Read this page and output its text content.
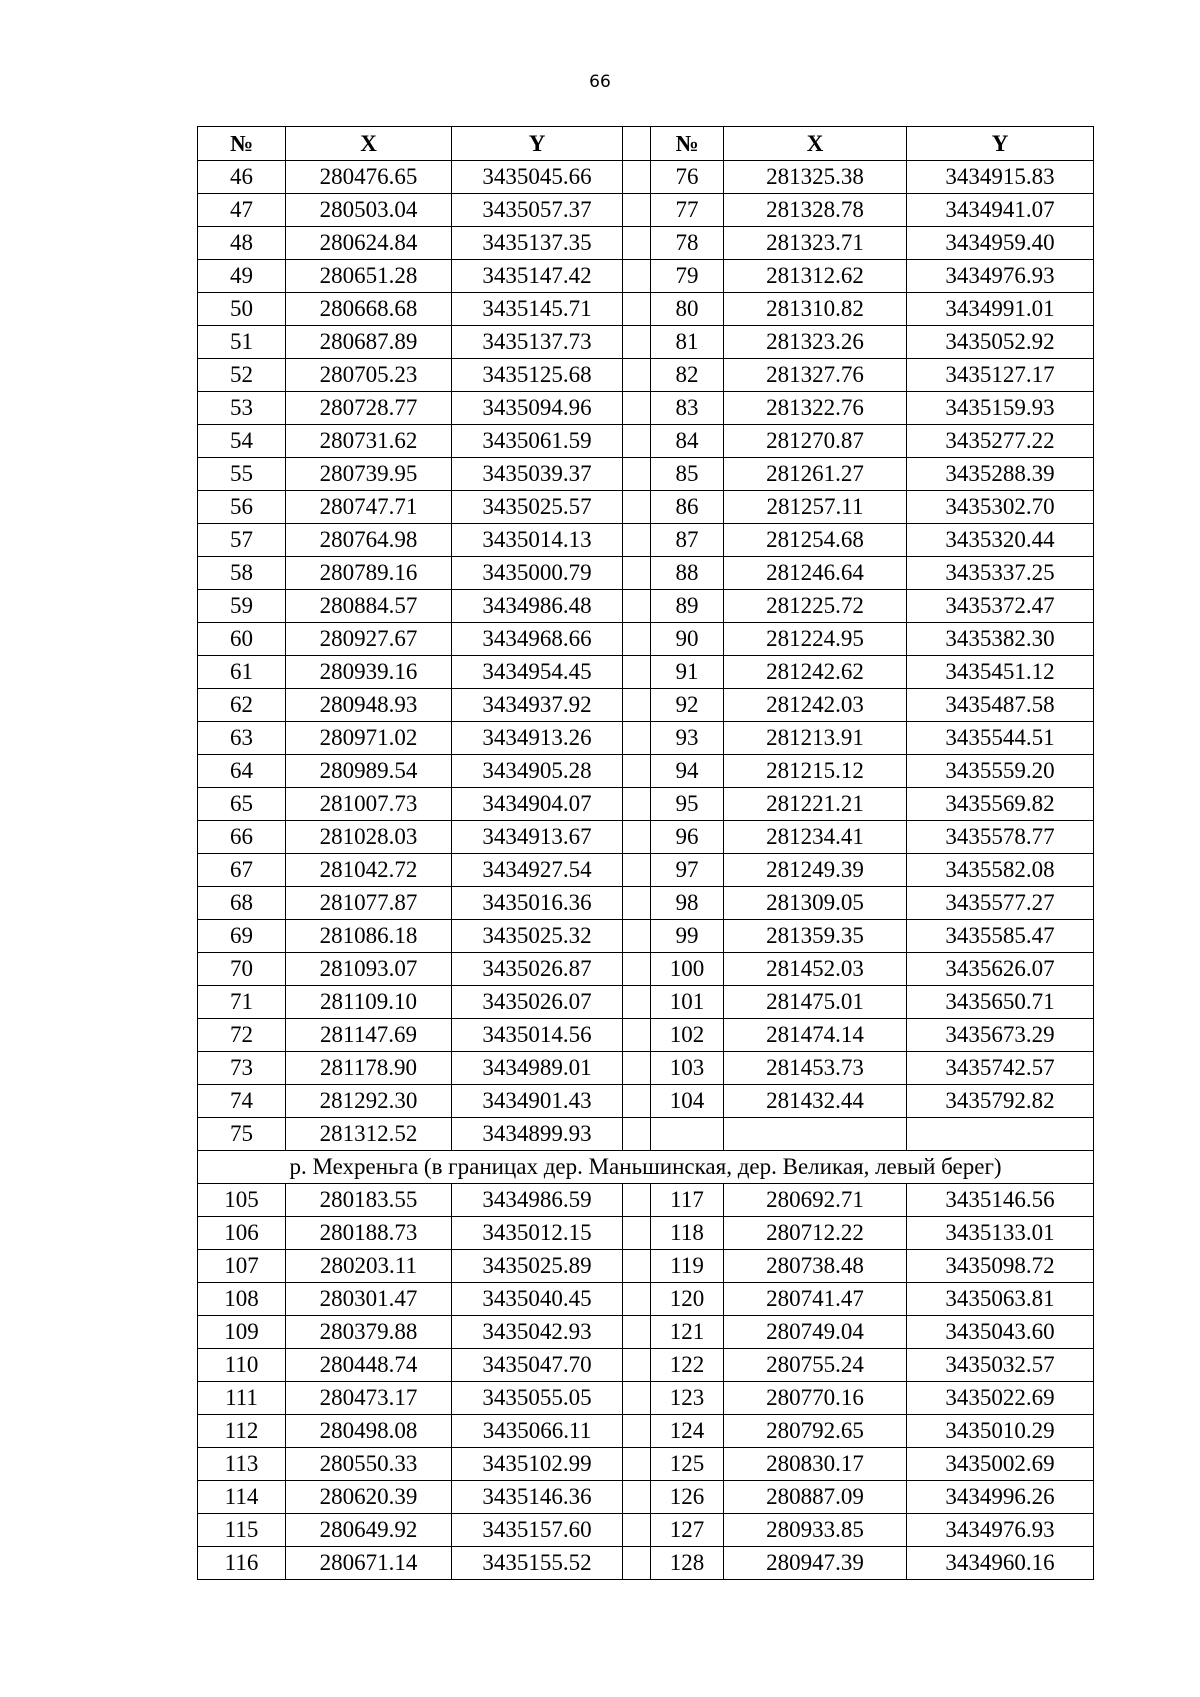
66
№	X	Y		№	X	Y
46	280476.65	3435045.66		76	281325.38	3434915.83
47	280503.04	3435057.37		77	281328.78	3434941.07
48	280624.84	3435137.35		78	281323.71	3434959.40
49	280651.28	3435147.42		79	281312.62	3434976.93
50	280668.68	3435145.71		80	281310.82	3434991.01
51	280687.89	3435137.73		81	281323.26	3435052.92
52	280705.23	3435125.68		82	281327.76	3435127.17
53	280728.77	3435094.96		83	281322.76	3435159.93
54	280731.62	3435061.59		84	281270.87	3435277.22
55	280739.95	3435039.37		85	281261.27	3435288.39
56	280747.71	3435025.57		86	281257.11	3435302.70
57	280764.98	3435014.13		87	281254.68	3435320.44
58	280789.16	3435000.79		88	281246.64	3435337.25
59	280884.57	3434986.48		89	281225.72	3435372.47
60	280927.67	3434968.66		90	281224.95	3435382.30
61	280939.16	3434954.45		91	281242.62	3435451.12
62	280948.93	3434937.92		92	281242.03	3435487.58
63	280971.02	3434913.26		93	281213.91	3435544.51
64	280989.54	3434905.28		94	281215.12	3435559.20
65	281007.73	3434904.07		95	281221.21	3435569.82
66	281028.03	3434913.67		96	281234.41	3435578.77
67	281042.72	3434927.54		97	281249.39	3435582.08
68	281077.87	3435016.36		98	281309.05	3435577.27
69	281086.18	3435025.32		99	281359.35	3435585.47
70	281093.07	3435026.87		100	281452.03	3435626.07
71	281109.10	3435026.07		101	281475.01	3435650.71
72	281147.69	3435014.56		102	281474.14	3435673.29
73	281178.90	3434989.01		103	281453.73	3435742.57
74	281292.30	3434901.43		104	281432.44	3435792.82
75	281312.52	3434899.93				
р. Мехреньга (в границах дер. Маньшинская, дер. Великая, левый берег)						
105	280183.55	3434986.59		117	280692.71	3435146.56
106	280188.73	3435012.15		118	280712.22	3435133.01
107	280203.11	3435025.89		119	280738.48	3435098.72
108	280301.47	3435040.45		120	280741.47	3435063.81
109	280379.88	3435042.93		121	280749.04	3435043.60
110	280448.74	3435047.70		122	280755.24	3435032.57
111	280473.17	3435055.05		123	280770.16	3435022.69
112	280498.08	3435066.11		124	280792.65	3435010.29
113	280550.33	3435102.99		125	280830.17	3435002.69
114	280620.39	3435146.36		126	280887.09	3434996.26
115	280649.92	3435157.60		127	280933.85	3434976.93
116	280671.14	3435155.52		128	280947.39	3434960.16
